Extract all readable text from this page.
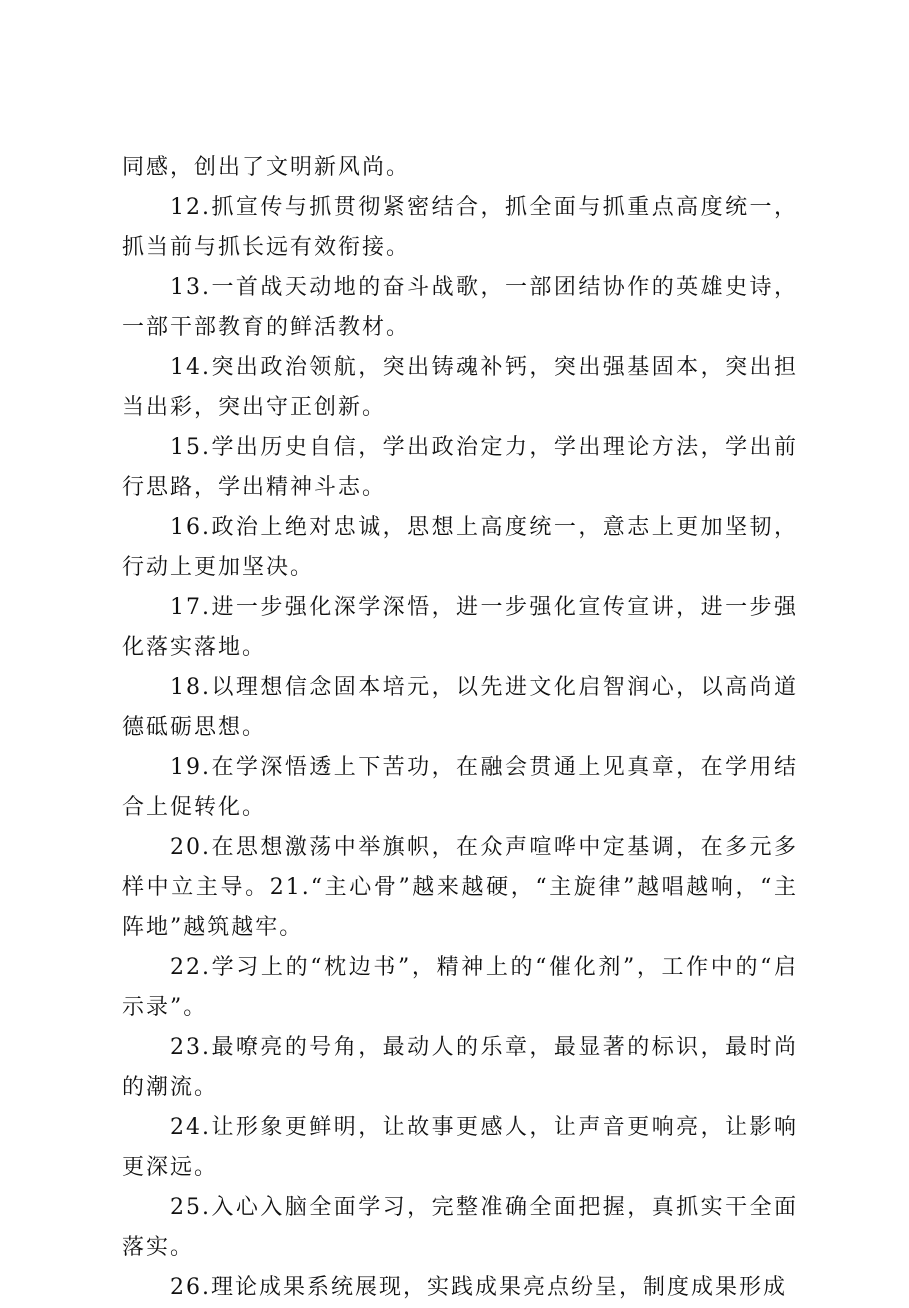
同感，创出了文明新风尚。

12.抓宣传与抓贯彻紧密结合，抓全面与抓重点高度统一，抓当前与抓长远有效衔接。

13.一首战天动地的奋斗战歌，一部团结协作的英雄史诗，一部干部教育的鲜活教材。

14.突出政治领航，突出铸魂补钙，突出强基固本，突出担当出彩，突出守正创新。

15.学出历史自信，学出政治定力，学出理论方法，学出前行思路，学出精神斗志。

16.政治上绝对忠诚，思想上高度统一，意志上更加坚韧，行动上更加坚决。

17.进一步强化深学深悟，进一步强化宣传宣讲，进一步强化落实落地。

18.以理想信念固本培元，以先进文化启智润心，以高尚道德砥砺思想。

19.在学深悟透上下苦功，在融会贯通上见真章，在学用结合上促转化。

20.在思想激荡中举旗帜，在众声喧哗中定基调，在多元多样中立主导。21.“主心骨”越来越硬，“主旋律”越唱越响，“主阵地”越筑越牢。

22.学习上的“枕边书”，精神上的“催化剂”，工作中的“启示录”。

23.最嘹亮的号角，最动人的乐章，最显著的标识，最时尚的潮流。

24.让形象更鲜明，让故事更感人，让声音更响亮，让影响更深远。

25.入心入脑全面学习，完整准确全面把握，真抓实干全面落实。

26.理论成果系统展现，实践成果亮点纷呈，制度成果形成
